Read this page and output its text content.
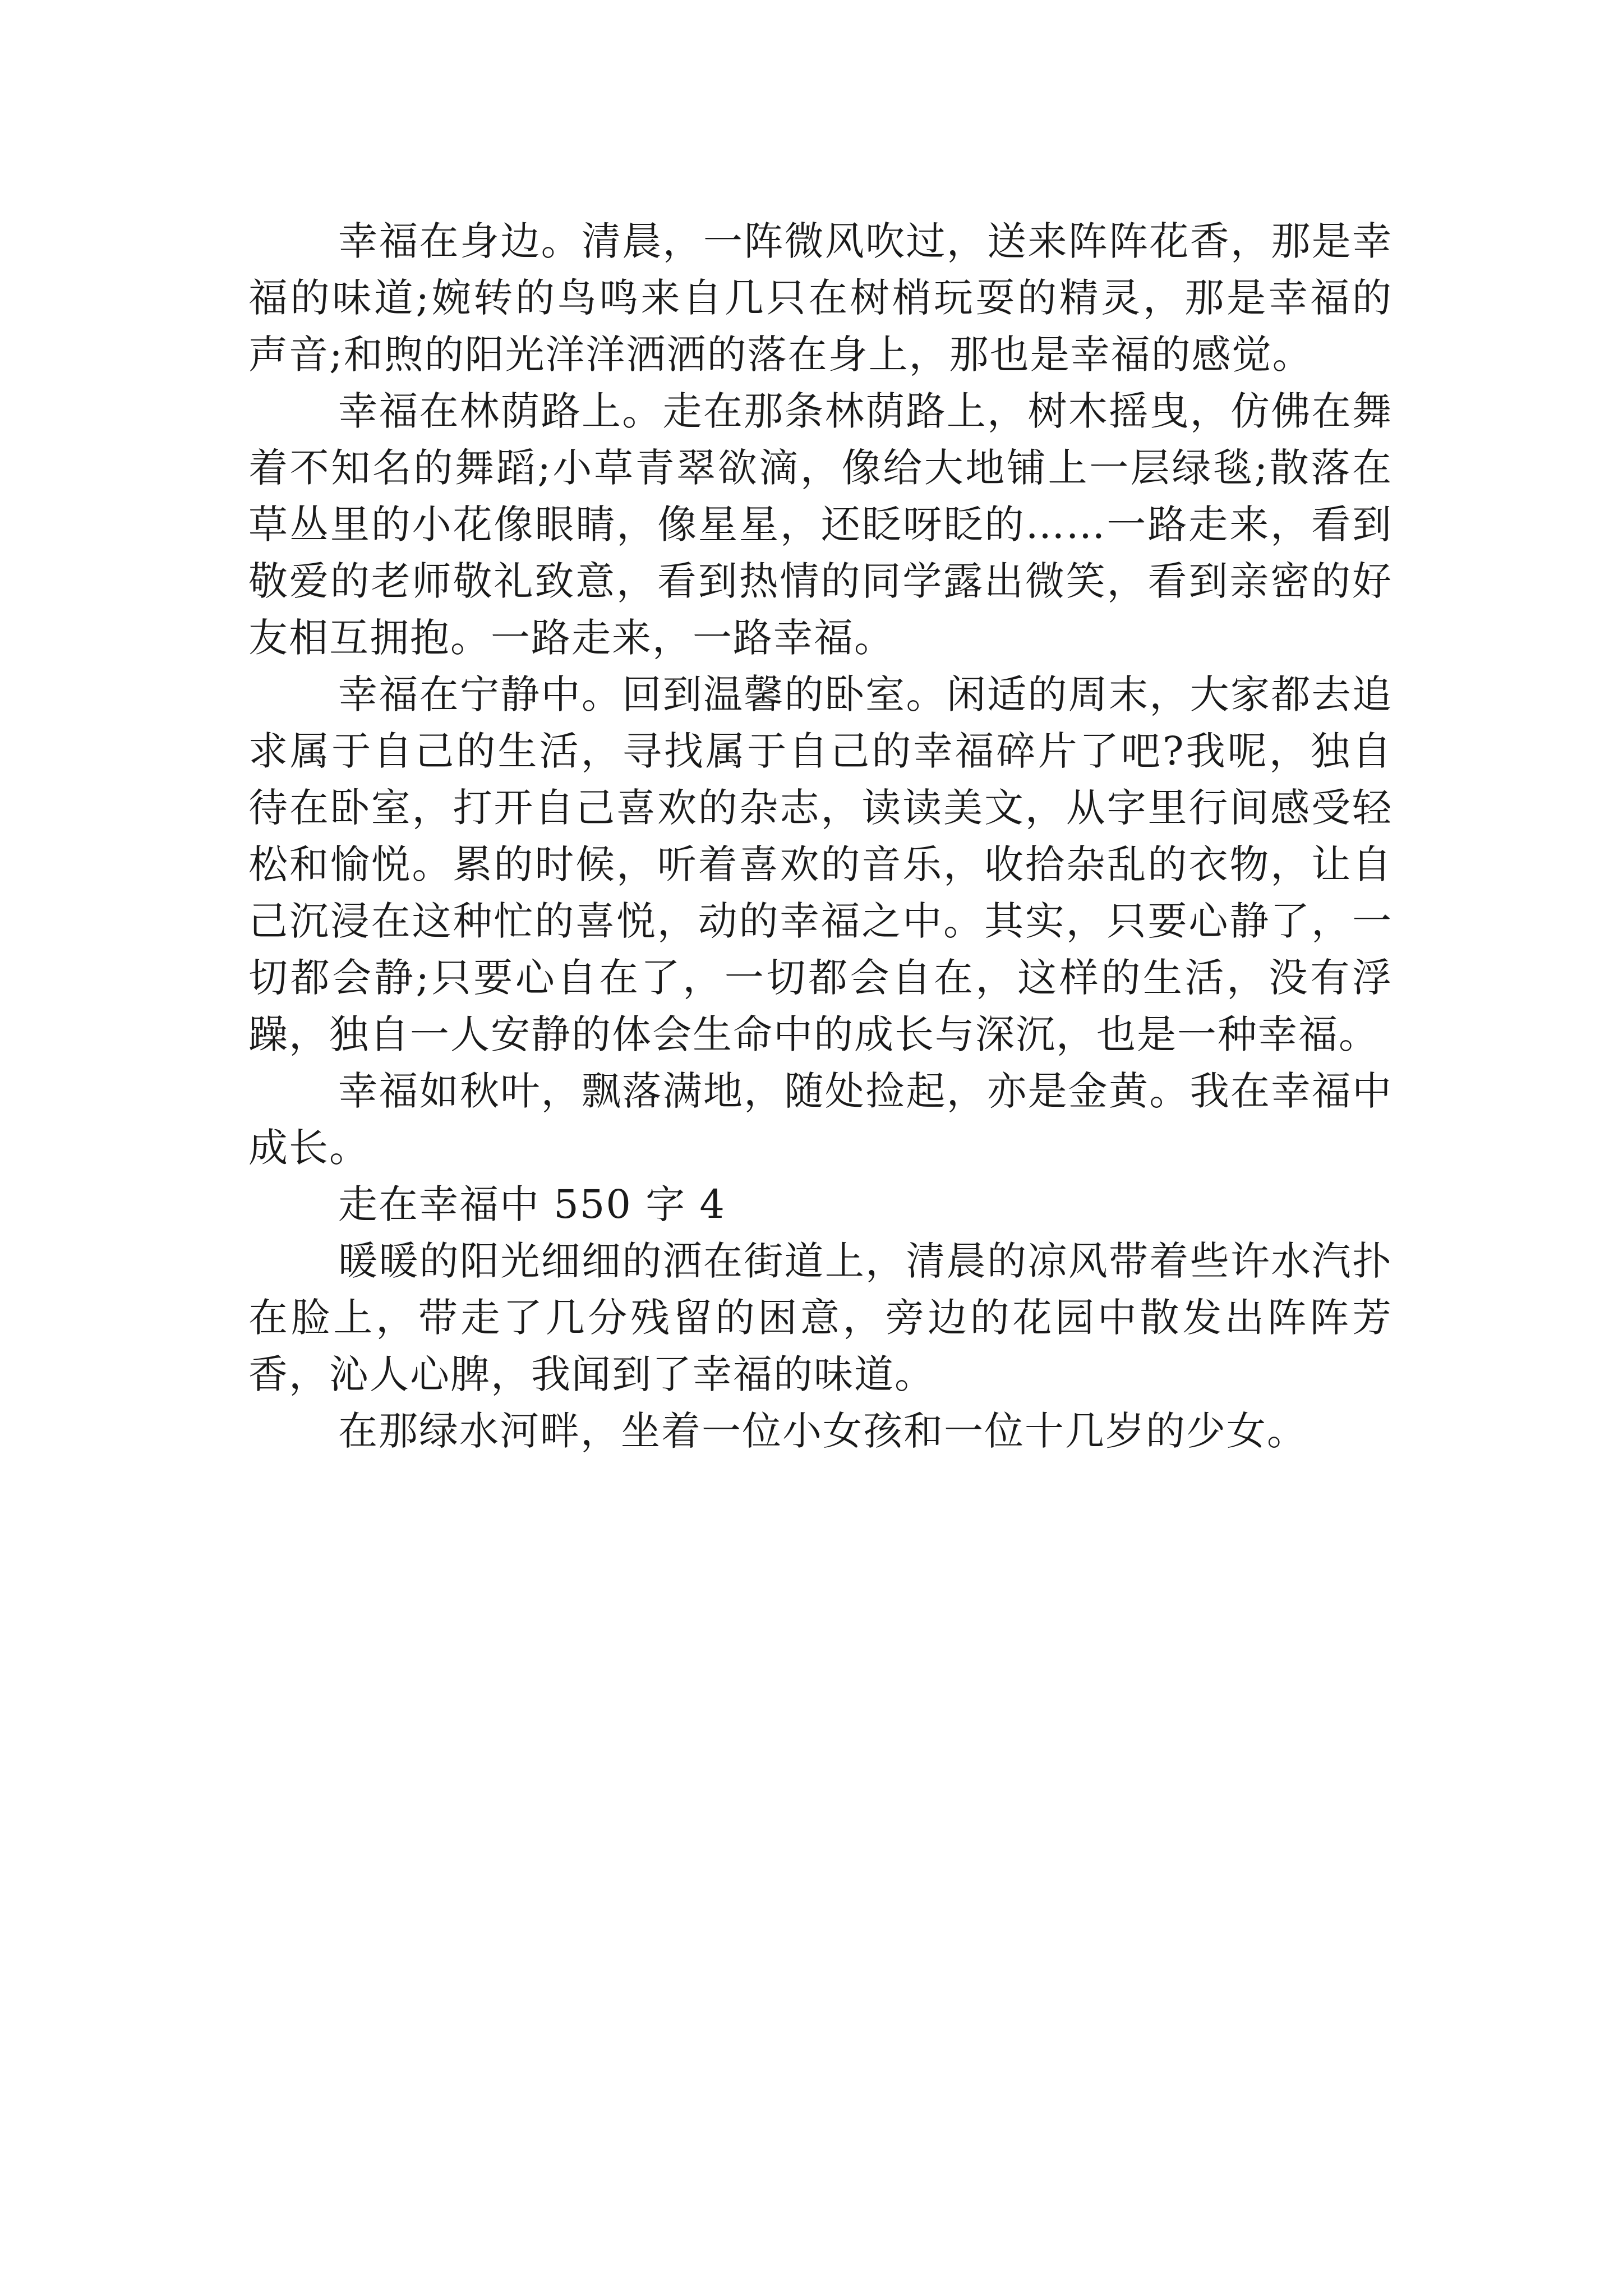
幸福在身边。清晨，一阵微风吹过，送来阵阵花香，那是幸福的味道;婉转的鸟鸣来自几只在树梢玩耍的精灵，那是幸福的声音;和煦的阳光洋洋洒洒的落在身上，那也是幸福的感觉。

幸福在林荫路上。走在那条林荫路上，树木摇曳，仿佛在舞着不知名的舞蹈;小草青翠欲滴，像给大地铺上一层绿毯;散落在草丛里的小花像眼睛，像星星，还眨呀眨的……一路走来，看到敬爱的老师敬礼致意，看到热情的同学露出微笑，看到亲密的好友相互拥抱。一路走来，一路幸福。

幸福在宁静中。回到温馨的卧室。闲适的周末，大家都去追求属于自己的生活，寻找属于自己的幸福碎片了吧?我呢，独自待在卧室，打开自己喜欢的杂志，读读美文，从字里行间感受轻松和愉悦。累的时候，听着喜欢的音乐，收拾杂乱的衣物，让自己沉浸在这种忙的喜悦，动的幸福之中。其实，只要心静了，一切都会静;只要心自在了，一切都会自在，这样的生活，没有浮躁，独自一人安静的体会生命中的成长与深沉，也是一种幸福。

幸福如秋叶，飘落满地，随处捡起，亦是金黄。我在幸福中成长。

走在幸福中 550 字 4

暖暖的阳光细细的洒在街道上，清晨的凉风带着些许水汽扑在脸上，带走了几分残留的困意，旁边的花园中散发出阵阵芳香，沁人心脾，我闻到了幸福的味道。

在那绿水河畔，坐着一位小女孩和一位十几岁的少女。
